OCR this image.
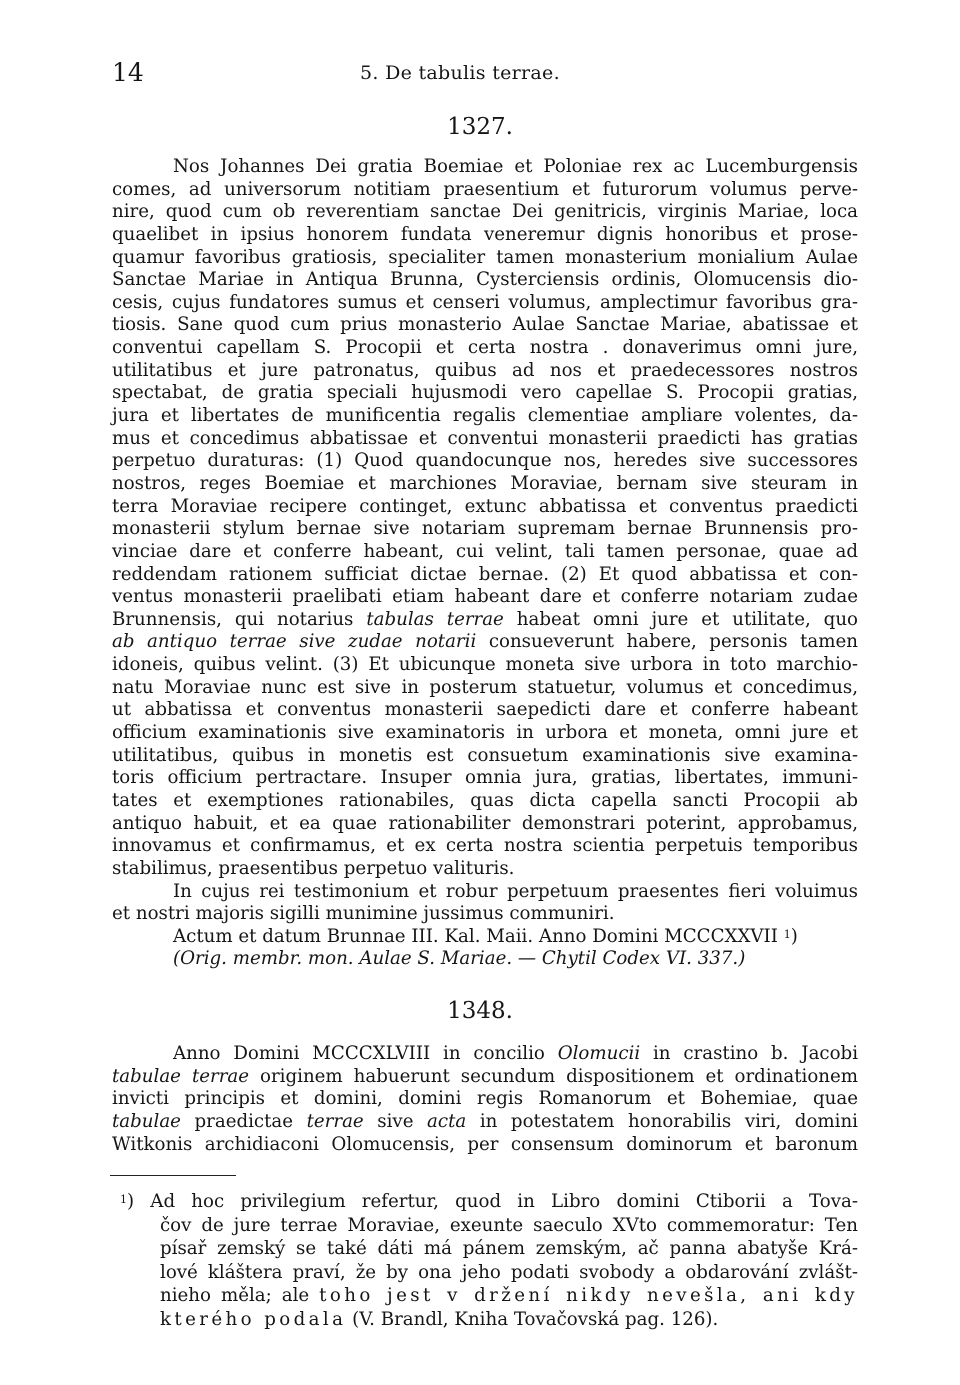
14	5. De tabulis terrae.
1327.
Nos Johannes Dei gratia Boemiae et Poloniae rex ac Lucemburgensis
comes, ad universorum notitiam praesentium et futurorum volumus perve-
nire, quod cum ob reverentiam sanctae Dei genitricis, virginis Mariae, loca
quaelibet in ipsius honorem fundata veneremur dignis honoribus et prose-
quamur favoribus gratiosis, specialiter tamen monasterium monialium Aulae
Sanctae Mariae in Antiqua Brunna, Cysterciensis ordinis, Olomucensis dio-
cesis, cujus fundatores sumus et censeri volumus, amplectimur favoribus gra-
tiosis. Sane quod cum prius monasterio Aulae Sanctae Mariae, abatissae et
conventui capellam S. Procopii et certa nostra . donaverimus omni jure,
utilitatibus et jure patronatus, quibus ad nos et praedecessores nostros
spectabat, de gratia speciali hujusmodi vero capellae S. Procopii gratias,
jura et libertates de munificentia regalis clementiae ampliare volentes, da-
mus et concedimus abbatissae et conventui monasterii praedicti has gratias
perpetuo duraturas: (1) Quod quandocunque nos, heredes sive successores
nostros, reges Boemiae et marchiones Moraviae, bernam sive steuram in
terra Moraviae recipere continget, extunc abbatissa et conventus praedicti
monasterii stylum bernae sive notariam supremam bernae Brunnensis pro-
vinciae dare et conferre habeant, cui velint, tali tamen personae, quae ad
reddendam rationem sufficiat dictae bernae. (2) Et quod abbatissa et con-
ventus monasterii praelibati etiam habeant dare et conferre notariam zudae
Brunnensis, qui notarius tabulas terrae habeat omni jure et utilitate, quo
ab antiquo terrae sive zudae notarii consueverunt habere, personis tamen
idoneis, quibus velint. (3) Et ubicunque moneta sive urbora in toto marchio-
natu Moraviae nunc est sive in posterum statuetur, volumus et concedimus,
ut abbatissa et conventus monasterii saepedicti dare et conferre habeant
officium examinationis sive examinatoris in urbora et moneta, omni jure et
utilitatibus, quibus in monetis est consuetum examinationis sive examina-
toris officium pertractare. Insuper omnia jura, gratias, libertates, immuni-
tates et exemptiones rationabiles, quas dicta capella sancti Procopii ab
antiquo habuit, et ea quae rationabiliter demonstrari poterint, approbamus,
innovamus et confirmamus, et ex certa nostra scientia perpetuis temporibus
stabilimus, praesentibus perpetuo valituris.
In cujus rei testimonium et robur perpetuum praesentes fieri voluimus
et nostri majoris sigilli munimine jussimus communiri.
Actum et datum Brunnae III. Kal. Maii. Anno Domini MCCCXXVII $^1$)
(Orig. membr. mon. Aulae S. Mariae. — Chytil Codex VI. 337.)
1348.
Anno Domini MCCCXLVIII in concilio Olomucii in crastino b. Jacobi
tabulae terrae originem habuerunt secundum dispositionem et ordinationem
invicti principis et domini, domini regis Romanorum et Bohemiae, quae
tabulae praedictae terrae sive acta in potestatem honorabilis viri, domini
Witkonis archidiaconi Olomucensis, per consensum dominorum et baronum
$^1$) Ad hoc privilegium refertur, quod in Libro domini Ctiborii a Tova-
čov de jure terrae Moraviae, exeunte saeculo XVto commemoratur: Ten
písař zemský se také dáti má pánem zemským, ač panna abatyše Krá-
lové kláštera praví, že by ona jeho podati svobody a obdarování zvlášt-
nieho měla; ale toho jest v držení nikdy nevešla, ani kdy
kterého podala (V. Brandl, Kniha Tovačovská pag. 126).
